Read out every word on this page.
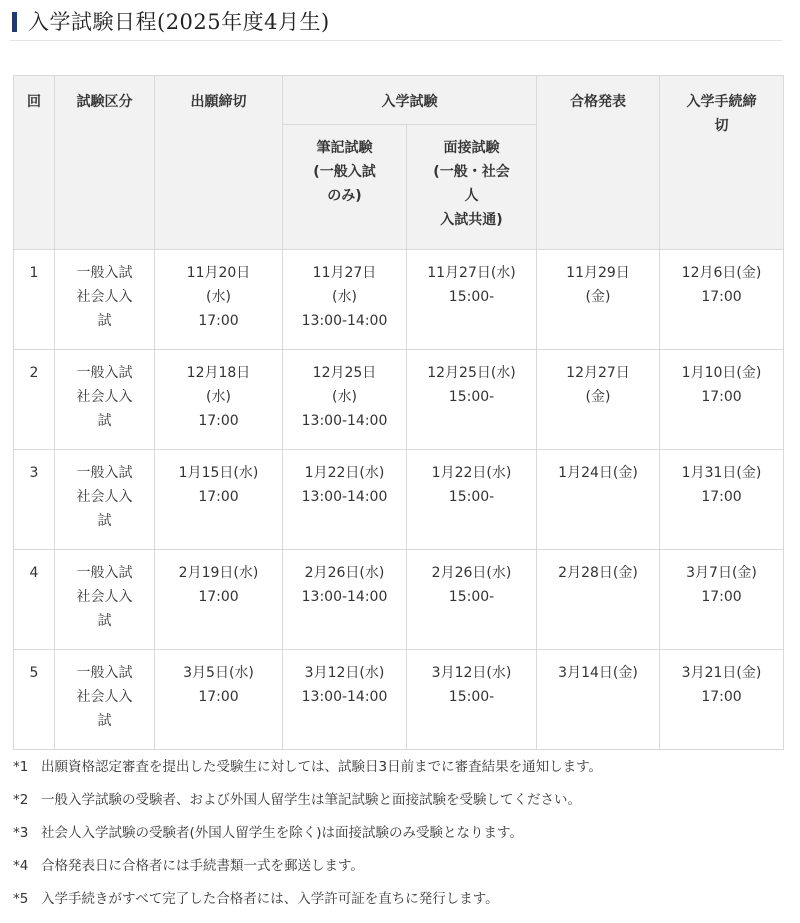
入学試験日程(2025年度4月生)
回	試験区分	出願締切	入学試験		合格発表	入学手続締
切

			筆記試験
(一般入試
のみ)	面接試験
(一般・社会
人
入試共通)		

1	一般入試
社会人入
試	11月20日
(水)
17:00	11月27日
(水)
13:00-14:00	11月27日(水)
15:00-	11月29日
(金)	12月6日(金)
17:00

2	一般入試
社会人入
試	12月18日
(水)
17:00	12月25日
(水)
13:00-14:00	12月25日(水)
15:00-	12月27日
(金)	1月10日(金)
17:00

3	一般入試
社会人入
試	1月15日(水)
17:00	1月22日(水)
13:00-14:00	1月22日(水)
15:00-	1月24日(金)	1月31日(金)
17:00

4	一般入試
社会人入
試	2月19日(水)
17:00	2月26日(水)
13:00-14:00	2月26日(水)
15:00-	2月28日(金)	3月7日(金)
17:00

5	一般入試
社会人入
試	3月5日(水)
17:00	3月12日(水)
13:00-14:00	3月12日(水)
15:00-	3月14日(金)	3月21日(金)
17:00
*1 出願資格認定審査を提出した受験生に対しては、試験日3日前までに審査結果を通知します。
*2 一般入学試験の受験者、および外国人留学生は筆記試験と面接試験を受験してください。
*3 社会人入学試験の受験者(外国人留学生を除く)は面接試験のみ受験となります。
*4 合格発表日に合格者には手続書類一式を郵送します。
*5 入学手続きがすべて完了した合格者には、入学許可証を直ちに発行します。
